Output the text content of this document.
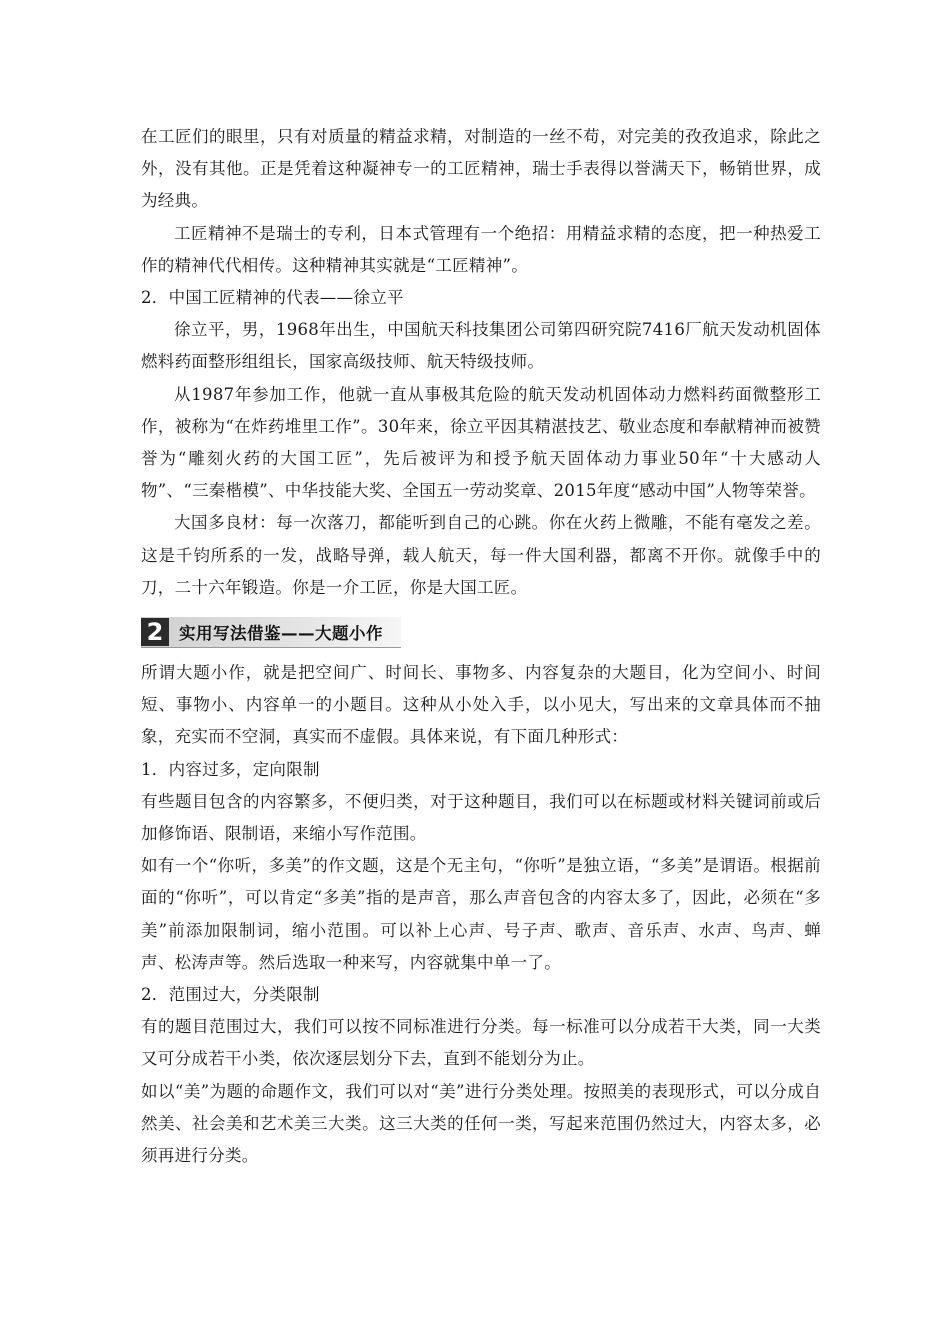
在工匠们的眼里，只有对质量的精益求精，对制造的一丝不苟，对完美的孜孜追求，除此之外，没有其他。正是凭着这种凝神专一的工匠精神，瑞士手表得以誉满天下，畅销世界，成为经典。

工匠精神不是瑞士的专利，日本式管理有一个绝招：用精益求精的态度，把一种热爱工作的精神代代相传。这种精神其实就是“工匠精神”。

2．中国工匠精神的代表——徐立平

徐立平，男，1968年出生，中国航天科技集团公司第四研究院7416厂航天发动机固体燃料药面整形组组长，国家高级技师、航天特级技师。

从1987年参加工作，他就一直从事极其危险的航天发动机固体动力燃料药面微整形工作，被称为“在炸药堆里工作”。30年来，徐立平因其精湛技艺、敬业态度和奉献精神而被赞誉为“雕刻火药的大国工匠”，先后被评为和授予航天固体动力事业50年“十大感动人物”、“三秦楷模”、中华技能大奖、全国五一劳动奖章、2015年度“感动中国”人物等荣誉。

大国多良材：每一次落刀，都能听到自己的心跳。你在火药上微雕，不能有毫发之差。这是千钧所系的一发，战略导弹，载人航天，每一件大国利器，都离不开你。就像手中的刀，二十六年锻造。你是一介工匠，你是大国工匠。

2 实用写法借鉴——大题小作

所谓大题小作，就是把空间广、时间长、事物多、内容复杂的大题目，化为空间小、时间短、事物小、内容单一的小题目。这种从小处入手，以小见大，写出来的文章具体而不抽象，充实而不空洞，真实而不虚假。具体来说，有下面几种形式：

1．内容过多，定向限制

有些题目包含的内容繁多，不便归类，对于这种题目，我们可以在标题或材料关键词前或后加修饰语、限制语，来缩小写作范围。

如有一个“你听，多美”的作文题，这是个无主句，“你听”是独立语，“多美”是谓语。根据前面的“你听”，可以肯定“多美”指的是声音，那么声音包含的内容太多了，因此，必须在“多美”前添加限制词，缩小范围。可以补上心声、号子声、歌声、音乐声、水声、鸟声、蝉声、松涛声等。然后选取一种来写，内容就集中单一了。

2．范围过大，分类限制

有的题目范围过大，我们可以按不同标准进行分类。每一标准可以分成若干大类，同一大类又可分成若干小类，依次逐层划分下去，直到不能划分为止。

如以“美”为题的命题作文，我们可以对“美”进行分类处理。按照美的表现形式，可以分成自然美、社会美和艺术美三大类。这三大类的任何一类，写起来范围仍然过大，内容太多，必须再进行分类。
